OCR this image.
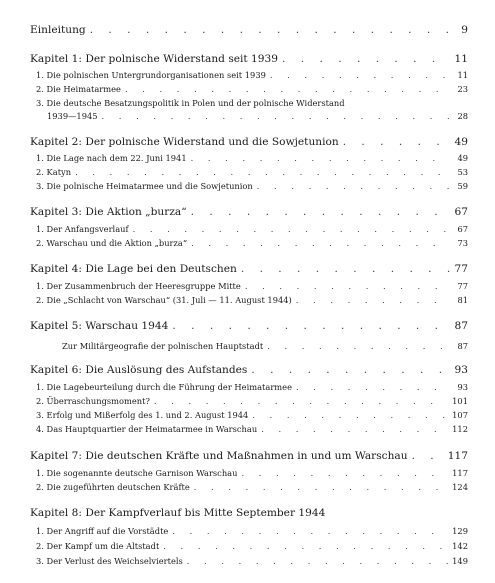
Einleitung . . .	9
Kapitel 1: Der polnische Widerstand seit 1939 . . .	11
1. Die polnischen Untergrundorganisationen seit 1939 . . .	11
2. Die Heimatarmee . . .	23
3. Die deutsche Besatzungspolitik in Polen und der polnische Widerstand
1939—1945 . . .	28
Kapitel 2: Der polnische Widerstand und die Sowjetunion . . .	49
1. Die Lage nach dem 22. Juni 1941 . . .	49
2. Katyn . . .	53
3. Die polnische Heimatarmee und die Sowjetunion . . .	59
Kapitel 3: Die Aktion „burza“ . . .	67
1. Der Anfangsverlauf . . .	67
2. Warschau und die Aktion „burza“ . . .	73
Kapitel 4: Die Lage bei den Deutschen . . .	77
1. Der Zusammenbruch der Heeresgruppe Mitte . . .	77
2. Die „Schlacht von Warschau“ (31. Juli — 11. August 1944) . . .	81
Kapitel 5: Warschau 1944 . . .	87
Zur Militärgeografie der polnischen Hauptstadt . . .	87
Kapitel 6: Die Auslösung des Aufstandes . . .	93
1. Die Lagebeurteilung durch die Führung der Heimatarmee . . .	93
2. Überraschungsmoment? . . .	101
3. Erfolg und Mißerfolg des 1. und 2. August 1944 . . .	107
4. Das Hauptquartier der Heimatarmee in Warschau . . .	112
Kapitel 7: Die deutschen Kräfte und Maßnahmen in und um Warschau . . .	117
1. Die sogenannte deutsche Garnison Warschau . . .	117
2. Die zugeführten deutschen Kräfte . . .	124
Kapitel 8: Der Kampfverlauf bis Mitte September 1944
1. Der Angriff auf die Vorstädte . . .	129
2. Der Kampf um die Altstadt . . .	142
3. Der Verlust des Weichselviertels . . .	149
